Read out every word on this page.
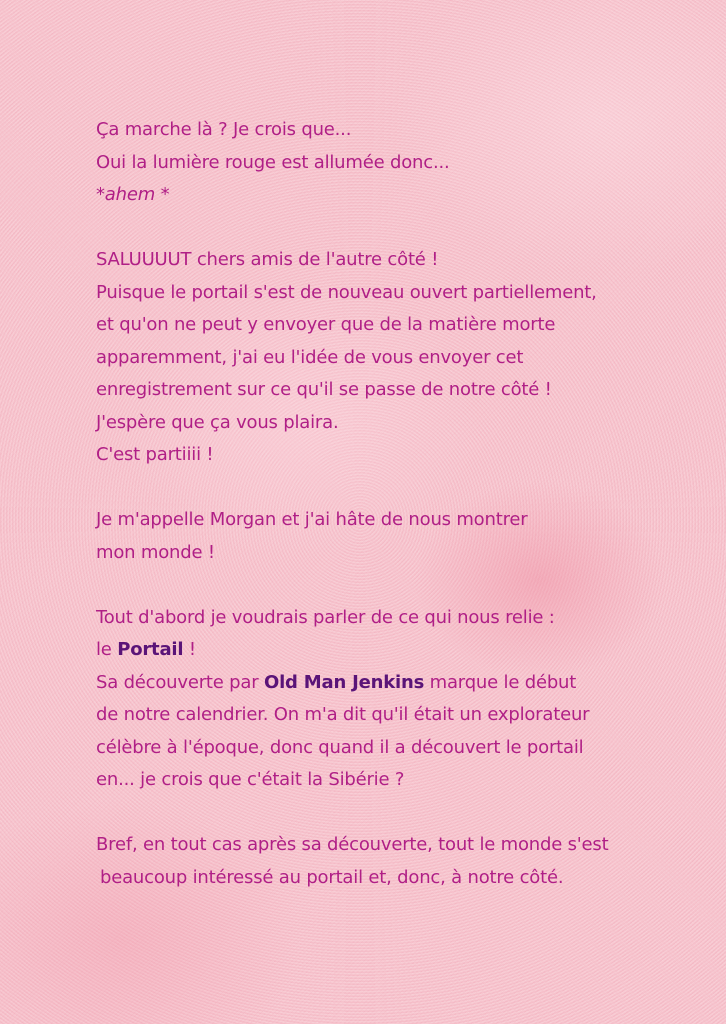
Ça marche là ? Je crois que...
Oui la lumière rouge est allumée donc...
*ahem *
SALUUUUT chers amis de l'autre côté !
Puisque le portail s'est de nouveau ouvert partiellement,
et qu'on ne peut y envoyer que de la matière morte
apparemment, j'ai eu l'idée de vous envoyer cet
enregistrement sur ce qu'il se passe de notre côté !
J'espère que ça vous plaira.
C'est partiiii !
Je m'appelle Morgan et j'ai hâte de nous montrer
mon monde !
Tout d'abord je voudrais parler de ce qui nous relie :
le Portail !
Sa découverte par Old Man Jenkins marque le début
de notre calendrier. On m'a dit qu'il était un explorateur
célèbre à l'époque, donc quand il a découvert le portail
en... je crois que c'était la Sibérie ?
Bref, en tout cas après sa découverte, tout le monde s'est
beaucoup intéressé au portail et, donc, à notre côté.
